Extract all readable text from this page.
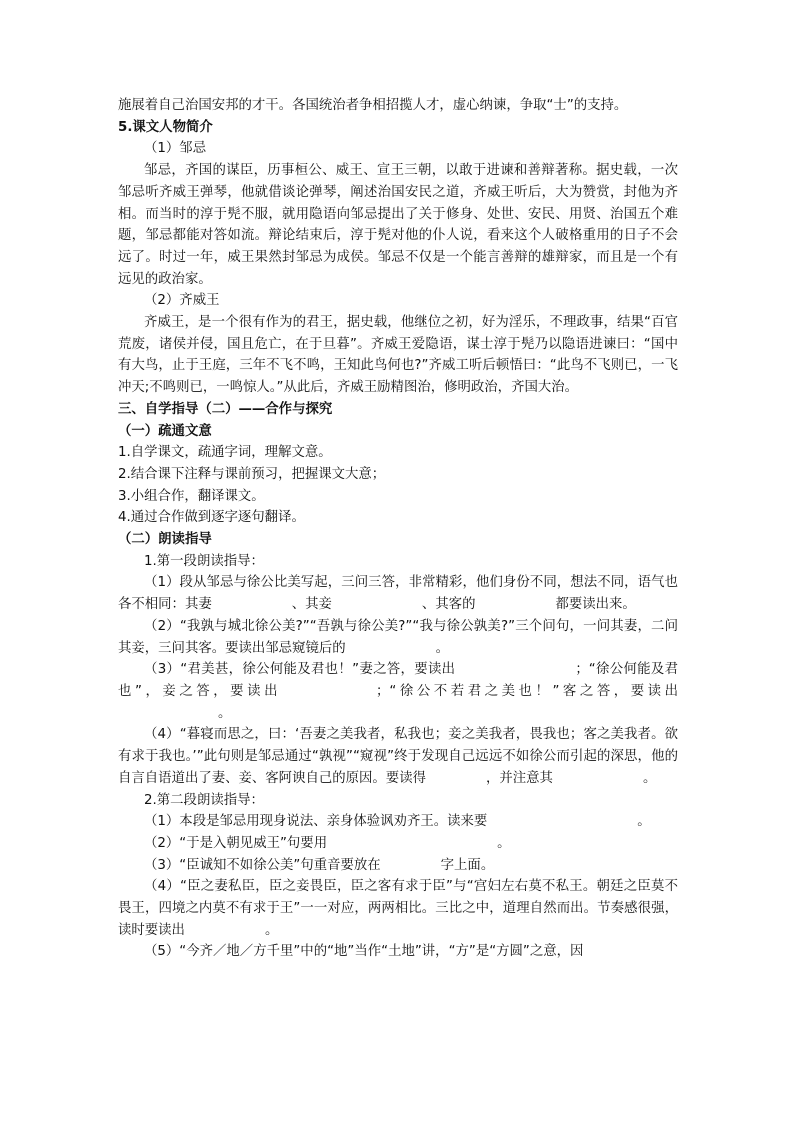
施展着自己治国安邦的才干。各国统治者争相招揽人才，虚心纳谏，争取“士”的支持。

5.课文人物简介

（1）邹忌

邹忌，齐国的谋臣，历事桓公、威王、宣王三朝，以敢于进谏和善辩著称。据史载，一次邹忌听齐威王弹琴，他就借谈论弹琴，阐述治国安民之道，齐威王听后，大为赞赏，封他为齐相。而当时的淳于髡不服，就用隐语向邹忌提出了关于修身、处世、安民、用贤、治国五个难题，邹忌都能对答如流。辩论结束后，淳于髡对他的仆人说，看来这个人破格重用的日子不会远了。时过一年，威王果然封邹忌为成侯。邹忌不仅是一个能言善辩的雄辩家，而且是一个有远见的政治家。

（2）齐威王

齐威王，是一个很有作为的君王，据史载，他继位之初，好为淫乐，不理政事，结果“百官荒废，诸侯并侵，国且危亡，在于旦暮”。齐威王爱隐语，谋士淳于髡乃以隐语进谏曰：“国中有大鸟，止于王庭，三年不飞不鸣，王知此鸟何也?”齐威工听后顿悟曰：“此鸟不飞则已，一飞冲天;不鸣则已，一鸣惊人。”从此后，齐威王励精图治，修明政治，齐国大治。

三、自学指导（二）——合作与探究

（一）疏通文意

1.自学课文，疏通字词，理解文意。

2.结合课下注释与课前预习，把握课文大意；

3.小组合作，翻译课文。

4.通过合作做到逐字逐句翻译。

（二）朗读指导

1.第一段朗读指导：

（1）段从邹忌与徐公比美写起，三问三答，非常精彩，他们身份不同，想法不同，语气也各不相同：其妻	、其妾	、其客的	都要读出来。

（2）“我孰与城北徐公美?”“吾孰与徐公美?”“我与徐公孰美?”三个问句，一问其妻，二问其妾，三问其客。要读出邹忌窥镜后的	。

（3）“君美甚，徐公何能及君也！”妻之答，要读出	；“徐公何能及君也”，妾之答，要读出	；“徐公不若君之美也！”客之答，要读出。

（4）“暮寝而思之，曰：‘吾妻之美我者，私我也；妾之美我者，畏我也；客之美我者。欲有求于我也。’”此句则是邹忌通过“孰视”“窥视”终于发现自己远远不如徐公而引起的深思，他的自言自语道出了妻、妾、客阿谀自己的原因。要读得	，并注意其	。

2.第二段朗读指导：

（1）本段是邹忌用现身说法、亲身体验讽劝齐王。读来要	。

（2）“于是入朝见威王”句要用	。

（3）“臣诚知不如徐公美”句重音要放在	字上面。

（4）“臣之妻私臣，臣之妾畏臣，臣之客有求于臣”与“宫妇左右莫不私王。朝廷之臣莫不畏王，四境之内莫不有求于王”一一对应，两两相比。三比之中，道理自然而出。节奏感很强，读时要读出	。

（5）“今齐／地／方千里”中的“地”当作“土地”讲，“方”是“方圆”之意，因
